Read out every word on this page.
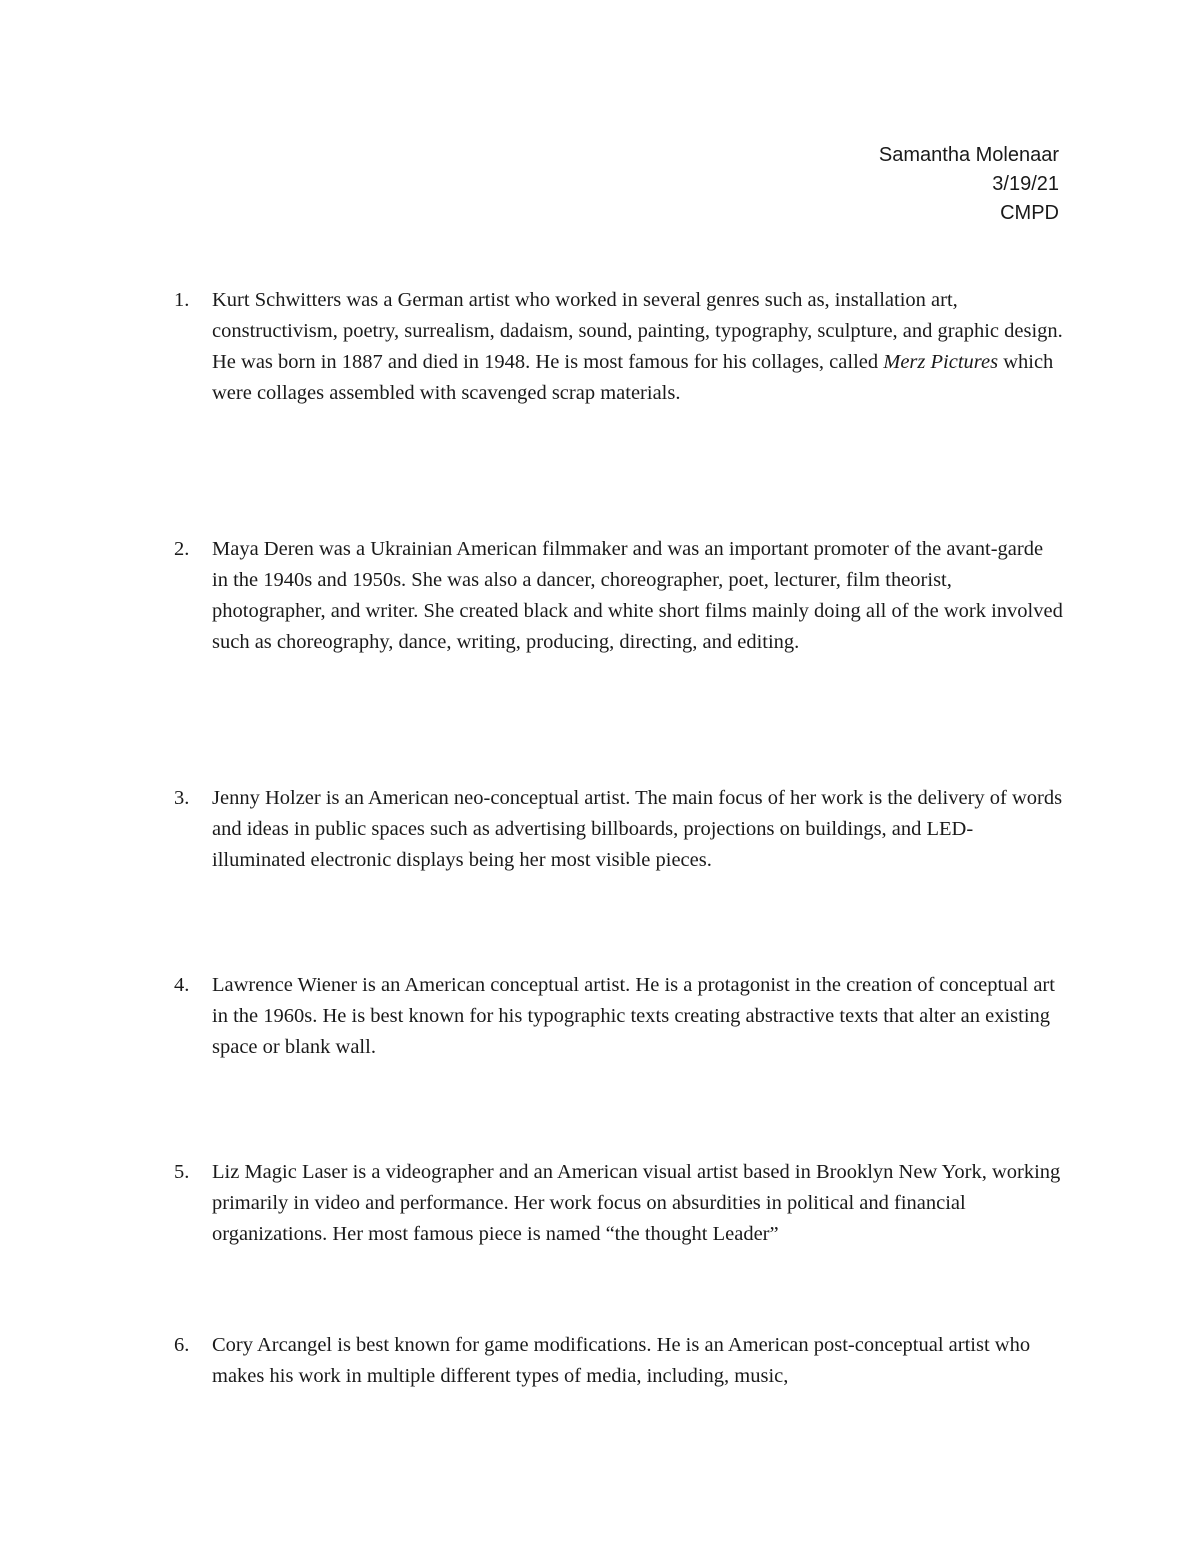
Samantha Molenaar
3/19/21
CMPD
1.	Kurt Schwitters was a German artist who worked in several genres such as, installation art, constructivism, poetry, surrealism, dadaism, sound, painting, typography, sculpture, and graphic design. He was born in 1887 and died in 1948. He is most famous for his collages, called Merz Pictures which were collages assembled with scavenged scrap materials.
2.	Maya Deren was a Ukrainian American filmmaker and was an important promoter of the avant-garde in the 1940s and 1950s. She was also a dancer, choreographer, poet, lecturer, film theorist, photographer, and writer. She created black and white short films mainly doing all of the work involved such as choreography, dance, writing, producing, directing, and editing.
3.	Jenny Holzer is an American neo-conceptual artist. The main focus of her work is the delivery of words and ideas in public spaces such as advertising billboards, projections on buildings, and LED-illuminated electronic displays being her most visible pieces.
4.	Lawrence Wiener is an American conceptual artist. He is a protagonist in the creation of conceptual art in the 1960s. He is best known for his typographic texts creating abstractive texts that alter an existing space or blank wall.
5.	Liz Magic Laser is a videographer and an American visual artist based in Brooklyn New York, working primarily in video and performance. Her work focus on absurdities in political and financial organizations. Her most famous piece is named “the thought Leader”
6.	Cory Arcangel is best known for game modifications. He is an American post-conceptual artist who makes his work in multiple different types of media, including, music,
